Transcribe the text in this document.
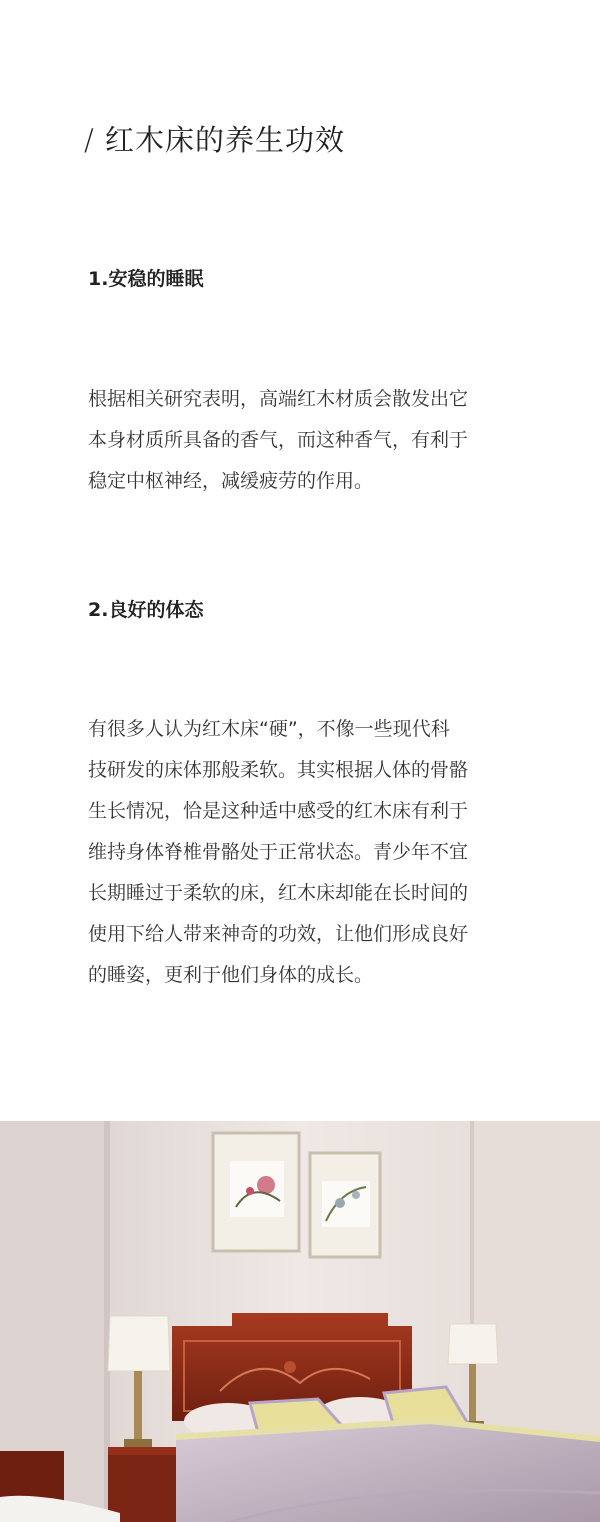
/ 红木床的养生功效
1.安稳的睡眠
根据相关研究表明，高端红木材质会散发出它
本身材质所具备的香气，而这种香气，有利于
稳定中枢神经，减缓疲劳的作用。
2.良好的体态
有很多人认为红木床“硬”，不像一些现代科
技研发的床体那般柔软。其实根据人体的骨骼
生长情况，恰是这种适中感受的红木床有利于
维持身体脊椎骨骼处于正常状态。青少年不宜
长期睡过于柔软的床，红木床却能在长时间的
使用下给人带来神奇的功效，让他们形成良好
的睡姿，更利于他们身体的成长。
